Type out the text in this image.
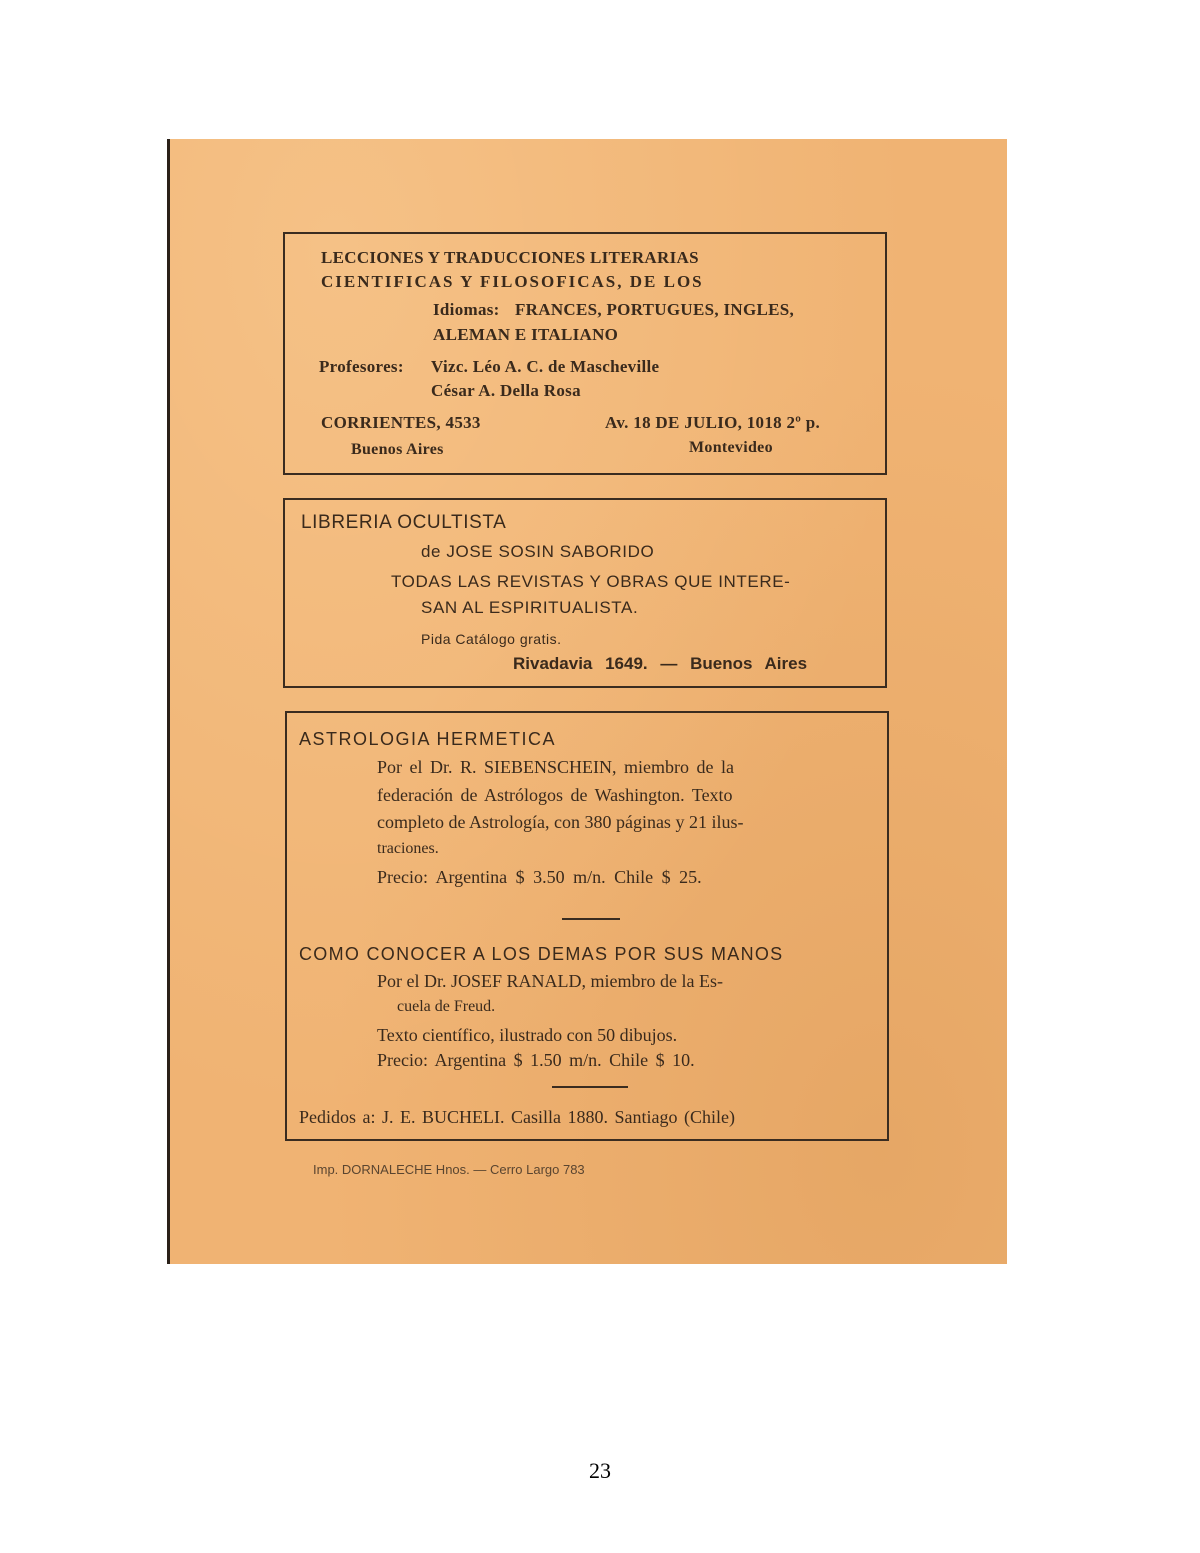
LECCIONES Y TRADUCCIONES LITERARIAS
CIENTIFICAS Y FILOSOFICAS, DE LOS
Idiomas: FRANCES, PORTUGUES, INGLES,
ALEMAN E ITALIANO
Profesores: Vizc. Léo A. C. de Mascheville
César A. Della Rosa
CORRIENTES, 4533	Av. 18 DE JULIO, 1018 2º p.
Buenos Aires	Montevideo
LIBRERIA OCULTISTA
de JOSE SOSIN SABORIDO
TODAS LAS REVISTAS Y OBRAS QUE INTERE-
SAN AL ESPIRITUALISTA.
Pida Catálogo gratis.
Rivadavia 1649. — Buenos Aires
ASTROLOGIA HERMETICA
Por el Dr. R. SIEBENSCHEIN, miembro de la
federación de Astrólogos de Washington. Texto
completo de Astrología, con 380 páginas y 21 ilus-
traciones.
Precio: Argentina $ 3.50 m/n. Chile $ 25.
COMO CONOCER A LOS DEMAS POR SUS MANOS
Por el Dr. JOSEF RANALD, miembro de la Es-
cuela de Freud.
Texto científico, ilustrado con 50 dibujos.
Precio: Argentina $ 1.50 m/n. Chile $ 10.
Pedidos a: J. E. BUCHELI. Casilla 1880. Santiago (Chile)
Imp. DORNALECHE Hnos. — Cerro Largo 783
23
